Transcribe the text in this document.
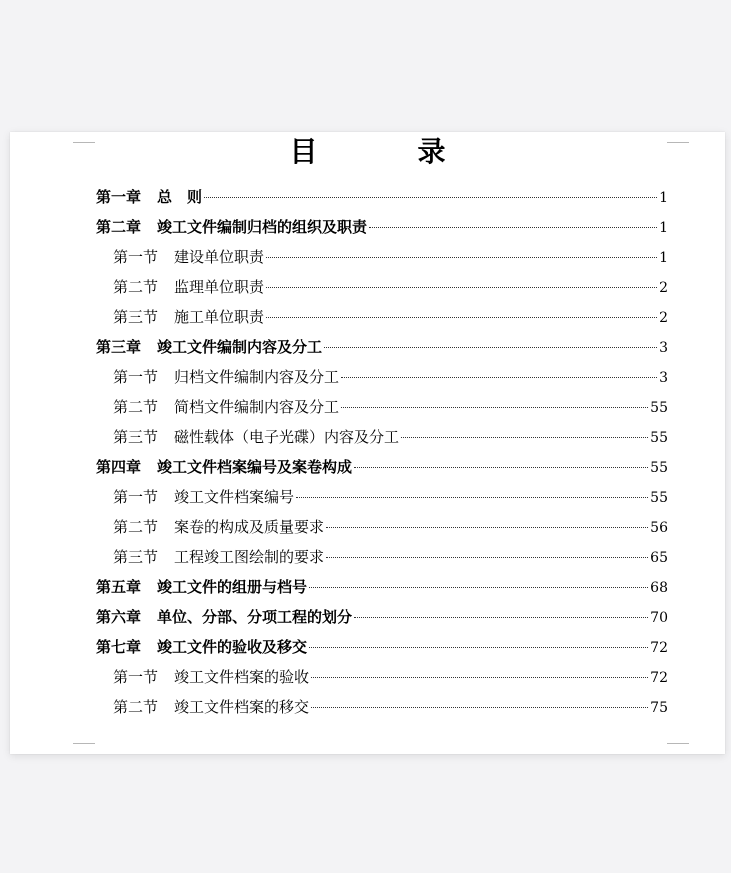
目　录
第一章 总　则	1
第二章 竣工文件编制归档的组织及职责	1
第一节 建设单位职责	1
第二节 监理单位职责	2
第三节 施工单位职责	2
第三章 竣工文件编制内容及分工	3
第一节 归档文件编制内容及分工	3
第二节 简档文件编制内容及分工	55
第三节 磁性载体（电子光碟）内容及分工	55
第四章 竣工文件档案编号及案卷构成	55
第一节 竣工文件档案编号	55
第二节 案卷的构成及质量要求	56
第三节 工程竣工图绘制的要求	65
第五章 竣工文件的组册与档号	68
第六章 单位、分部、分项工程的划分	70
第七章 竣工文件的验收及移交	72
第一节 竣工文件档案的验收	72
第二节 竣工文件档案的移交	75
